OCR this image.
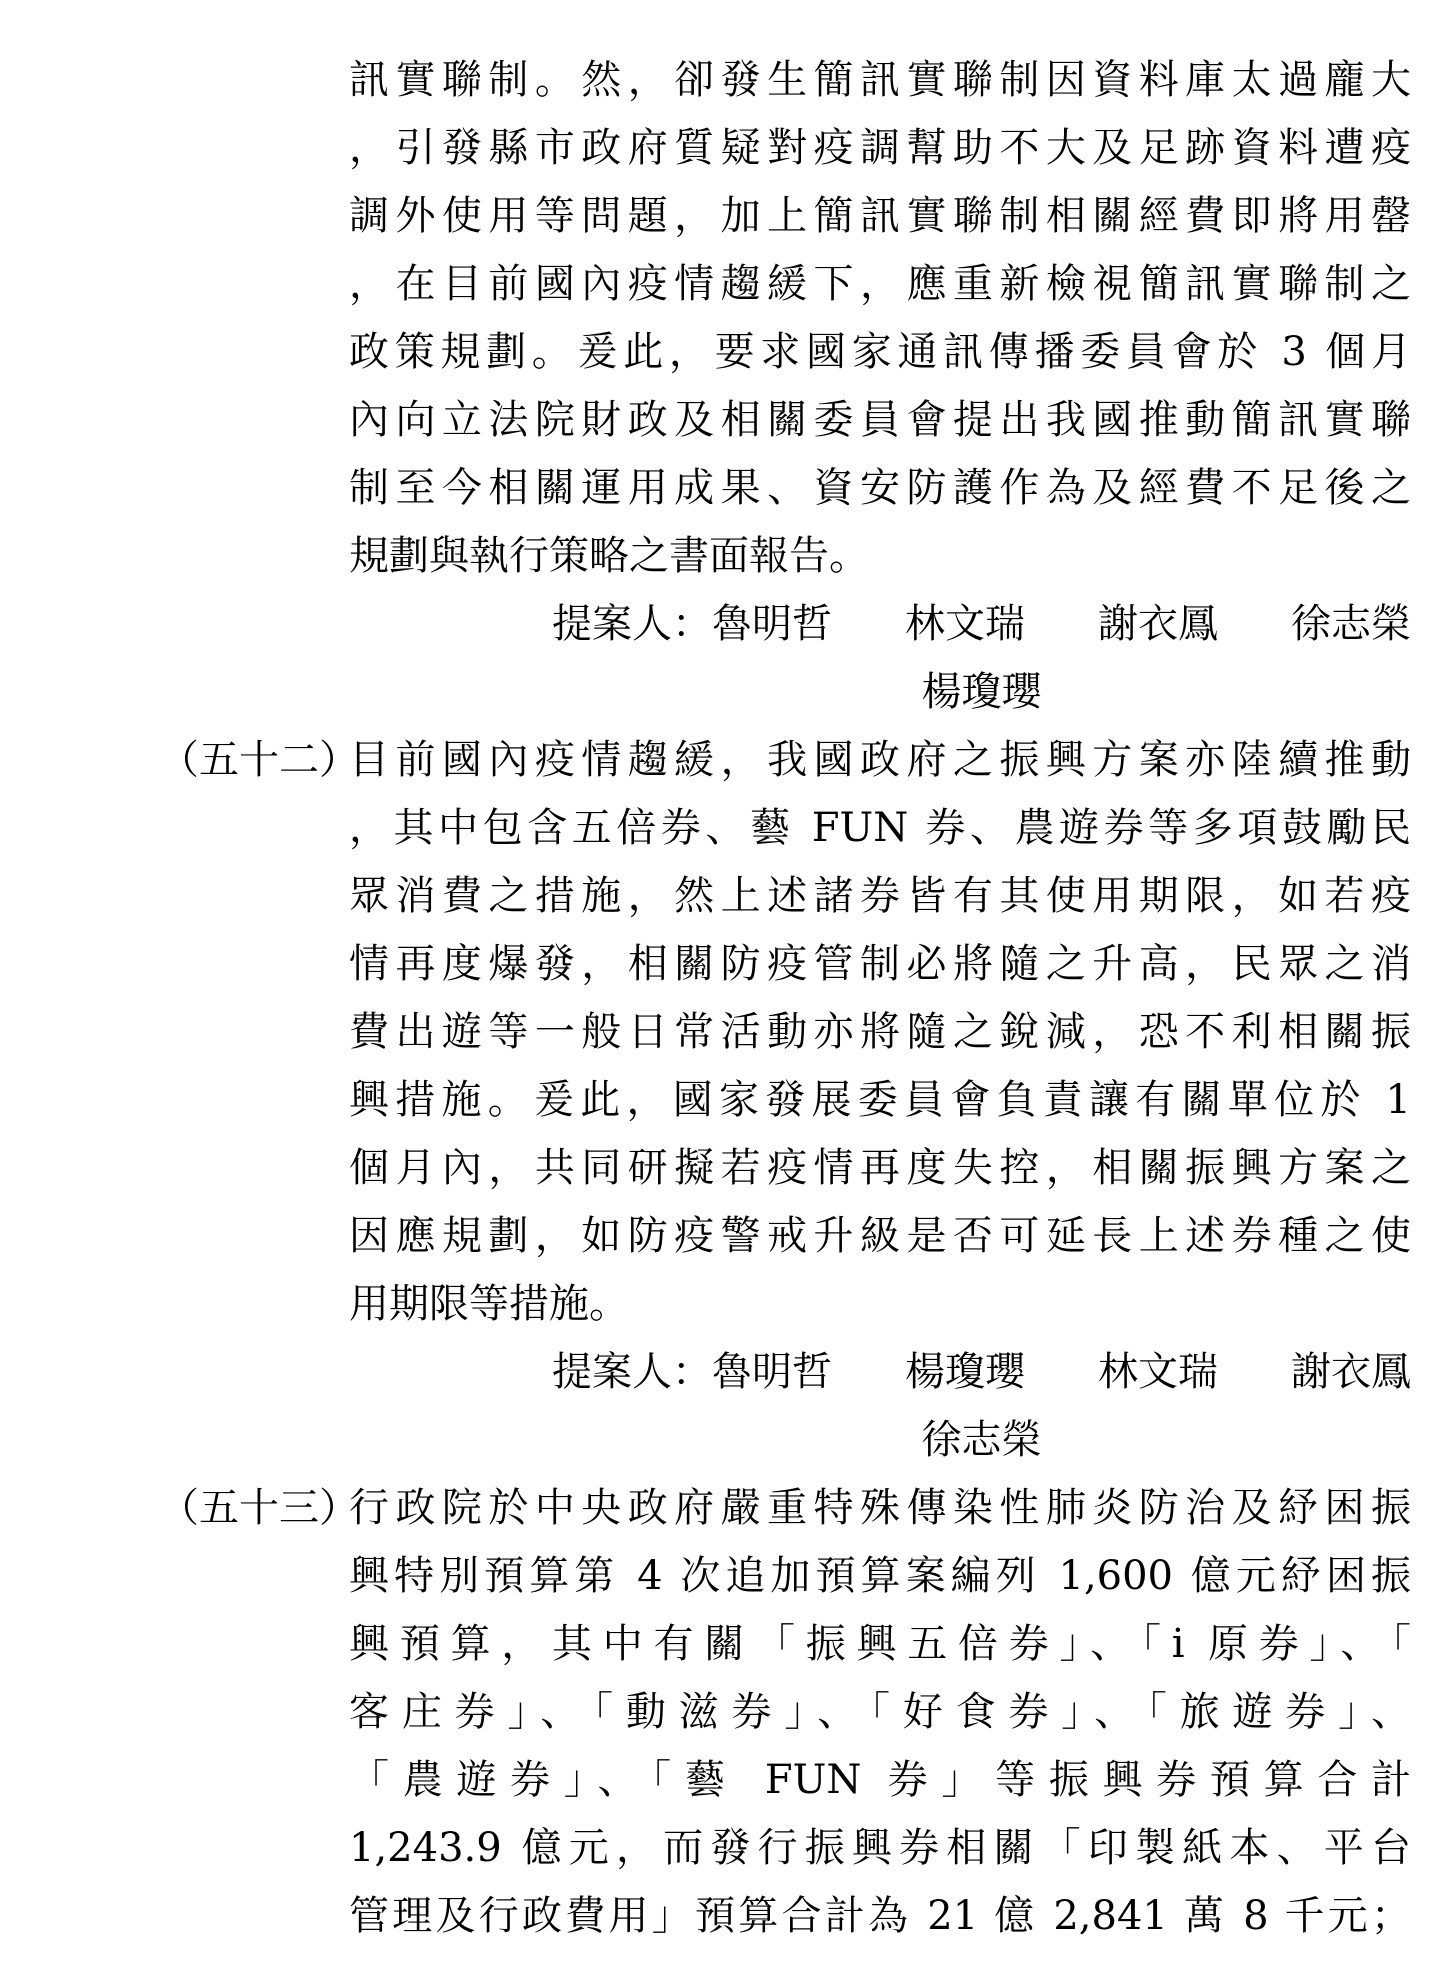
訊實聯制。然，卻發生簡訊實聯制因資料庫太過龐大
，引發縣市政府質疑對疫調幫助不大及足跡資料遭疫
調外使用等問題，加上簡訊實聯制相關經費即將用罄
，在目前國內疫情趨緩下，應重新檢視簡訊實聯制之
政策規劃。爰此，要求國家通訊傳播委員會於 3 個月
內向立法院財政及相關委員會提出我國推動簡訊實聯
制至今相關運用成果、資安防護作為及經費不足後之
規劃與執行策略之書面報告。
提案人：魯明哲 林文瑞 謝衣鳳 徐志榮
楊瓊瓔
（五十二）
目前國內疫情趨緩，我國政府之振興方案亦陸續推動
，其中包含五倍券、藝 FUN 券、農遊券等多項鼓勵民
眾消費之措施，然上述諸券皆有其使用期限，如若疫
情再度爆發，相關防疫管制必將隨之升高，民眾之消
費出遊等一般日常活動亦將隨之銳減，恐不利相關振
興措施。爰此，國家發展委員會負責讓有關單位於 1
個月內，共同研擬若疫情再度失控，相關振興方案之
因應規劃，如防疫警戒升級是否可延長上述券種之使
用期限等措施。
提案人：魯明哲 楊瓊瓔 林文瑞 謝衣鳳
徐志榮
（五十三）
行政院於中央政府嚴重特殊傳染性肺炎防治及紓困振
興特別預算第 4 次追加預算案編列 1,600 億元紓困振
興預算，其中有關「振興五倍券」、「i 原券」、「
客庄券」、「動滋券」、「好食券」、「旅遊券」、
「農遊券」、「藝 FUN 券」等振興券預算合計
1,243.9 億元，而發行振興券相關「印製紙本、平台
管理及行政費用」預算合計為 21 億 2,841 萬 8 千元；
